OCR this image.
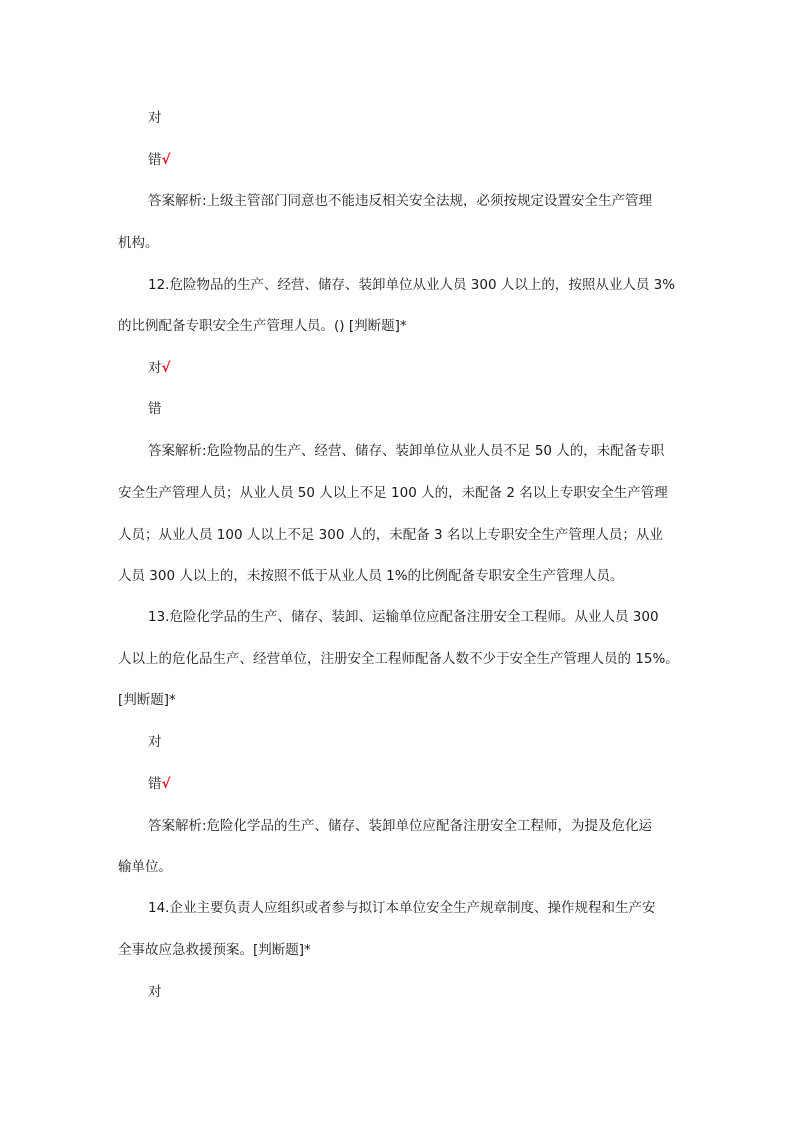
对
错√
答案解析:上级主管部门同意也不能违反相关安全法规，必须按规定设置安全生产管理
机构。
12.危险物品的生产、经营、储存、装卸单位从业人员 300 人以上的，按照从业人员 3%
的比例配备专职安全生产管理人员。() [判断题]*
对√
错
答案解析:危险物品的生产、经营、储存、装卸单位从业人员不足 50 人的，未配备专职
安全生产管理人员；从业人员 50 人以上不足 100 人的，未配备 2 名以上专职安全生产管理
人员；从业人员 100 人以上不足 300 人的，未配备 3 名以上专职安全生产管理人员；从业
人员 300 人以上的，未按照不低于从业人员 1%的比例配备专职安全生产管理人员。
13.危险化学品的生产、储存、装卸、运输单位应配备注册安全工程师。从业人员 300
人以上的危化品生产、经营单位，注册安全工程师配备人数不少于安全生产管理人员的 15%。
[判断题]*
对
错√
答案解析:危险化学品的生产、储存、装卸单位应配备注册安全工程师，为提及危化运
输单位。
14.企业主要负责人应组织或者参与拟订本单位安全生产规章制度、操作规程和生产安
全事故应急救援预案。[判断题]*
对
